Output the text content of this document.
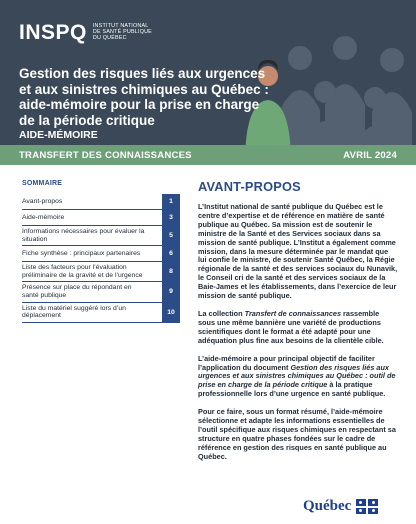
INSPQ INSTITUT NATIONAL
DE SANTÉ PUBLIQUE
DU QUÉBEC
Gestion des risques liés aux urgences
et aux sinistres chimiques au Québec :
aide-mémoire pour la prise en charge
de la période critique
AIDE-MÉMOIRE
TRANSFERT DES CONNAISSANCES	AVRIL 2024
SOMMAIRE
Avant-propos	1
Aide-mémoire	3
Informations nécessaires pour évaluer la situation	5
Fiche synthèse : principaux partenaires	6
Liste des facteurs pour l’évaluation préliminaire de la gravité et de l’urgence	8
Présence sur place du répondant en santé publique	9
Liste du matériel suggéré lors d’un déplacement	10
AVANT-PROPOS

L’Institut national de santé publique du Québec est le centre d’expertise et de référence en matière de santé publique au Québec. Sa mission est de soutenir le ministre de la Santé et des Services sociaux dans sa mission de santé publique. L’Institut a également comme mission, dans la mesure déterminée par le mandat que lui confie le ministre, de soutenir Santé Québec, la Régie régionale de la santé et des services sociaux du Nunavik, le Conseil cri de la santé et des services sociaux de la Baie-James et les établissements, dans l’exercice de leur mission de santé publique.

La collection Transfert de connaissances rassemble sous une même bannière une variété de productions scientifiques dont le format a été adapté pour une adéquation plus fine aux besoins de la clientèle cible.

L’aide-mémoire a pour principal objectif de faciliter l’application du document Gestion des risques liés aux urgences et aux sinistres chimiques au Québec : outil de prise en charge de la période critique à la pratique professionnelle lors d’une urgence en santé publique.

Pour ce faire, sous un format résumé, l’aide-mémoire sélectionne et adapte les informations essentielles de l’outil spécifique aux risques chimiques en respectant sa structure en quatre phases fondées sur le cadre de référence en gestion des risques en santé publique au Québec.

Québec
